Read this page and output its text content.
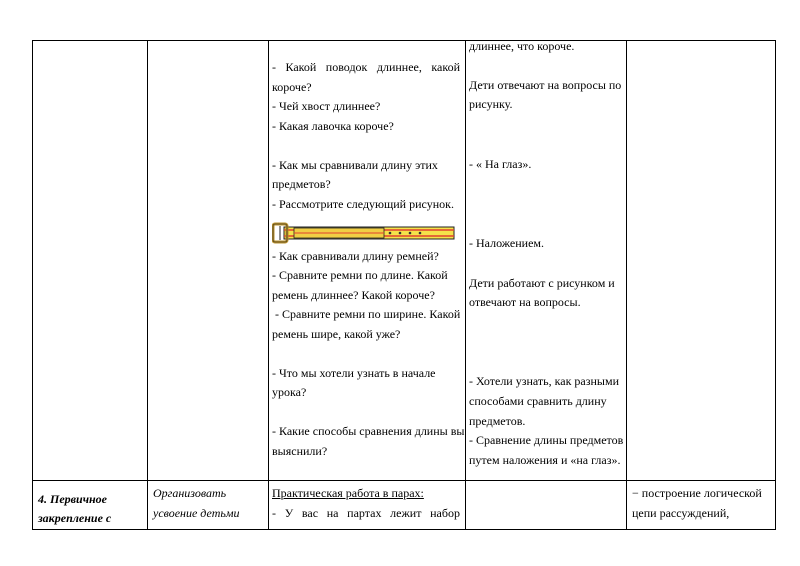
- Какой поводок длиннее, какой
короче?
- Чей хвост длиннее?
- Какая лавочка короче?
- Как мы сравнивали длину этих
предметов?
- Рассмотрите следующий рисунок.
- Как сравнивали длину ремней?
- Сравните ремни по длине. Какой
ремень длиннее? Какой короче?
- Сравните ремни по ширине. Какой
ремень шире, какой уже?
- Что мы хотели узнать в начале
урока?
- Какие способы сравнения длины вы
выяснили?
длиннее, что короче.
Дети отвечают на вопросы по
рисунку.
- « На глаз».
- Наложением.
Дети работают с рисунком и
отвечают на вопросы.
- Хотели узнать, как разными
способами сравнить длину
предметов.
- Сравнение длины предметов
путем наложения и «на глаз».
4. Первичное
закрепление с
Организовать
усвоение детьми
Практическая работа в парах:
- У вас на партах лежит набор
− построение логической
цепи рассуждений,
